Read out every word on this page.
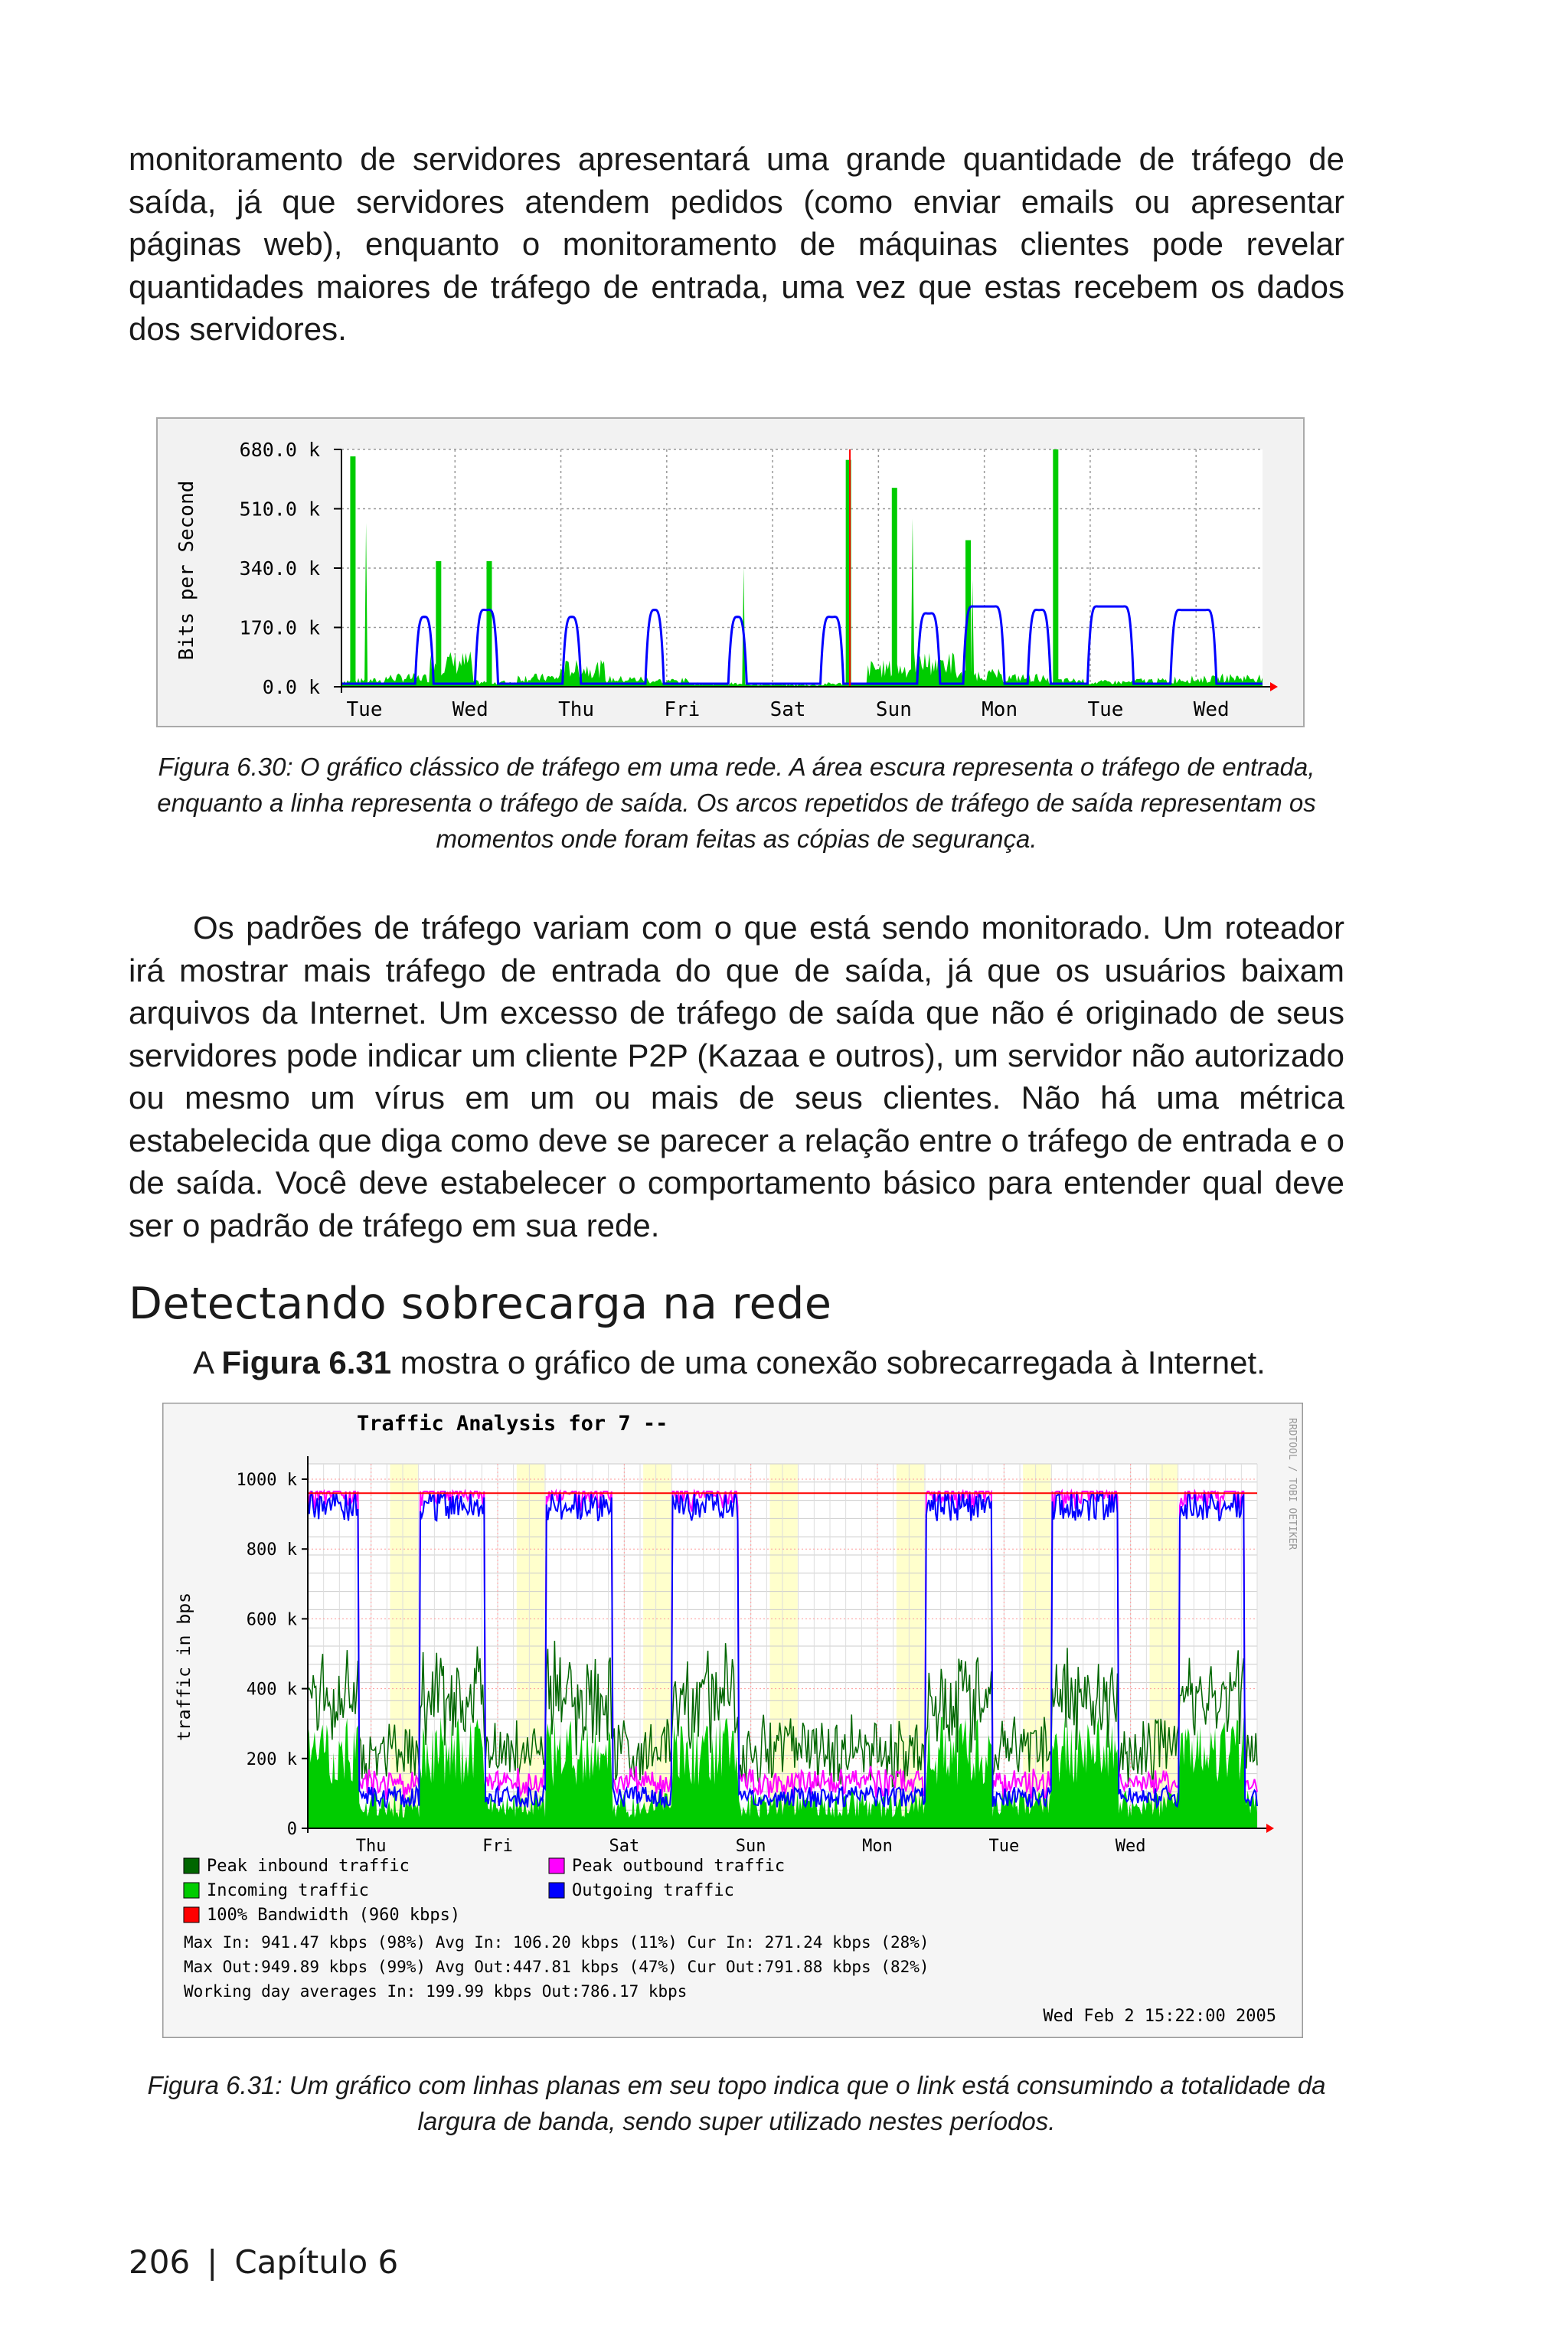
monitoramento de servidores apresentará uma grande quantidade de tráfego de saída, já que servidores atendem pedidos (como enviar emails ou apresentar páginas web), enquanto o monitoramento de máquinas clientes pode revelar quantidades maiores de tráfego de entrada, uma vez que estas recebem os dados dos servidores.

Bits per Second
680.0 k
510.0 k
340.0 k
170.0 k
0.0 k
Tue	Wed	Thu	Fri	Sat	Sun	Mon	Tue	Wed

Figura 6.30: O gráfico clássico de tráfego em uma rede. A área escura representa o tráfego de entrada, enquanto a linha representa o tráfego de saída. Os arcos repetidos de tráfego de saída representam os momentos onde foram feitas as cópias de segurança.

Os padrões de tráfego variam com o que está sendo monitorado. Um roteador irá mostrar mais tráfego de entrada do que de saída, já que os usuários baixam arquivos da Internet. Um excesso de tráfego de saída que não é originado de seus servidores pode indicar um cliente P2P (Kazaa e outros), um servidor não autorizado ou mesmo um vírus em um ou mais de seus clientes. Não há uma métrica estabelecida que diga como deve se parecer a relação entre o tráfego de entrada e o de saída. Você deve estabelecer o comportamento básico para entender qual deve ser o padrão de tráfego em sua rede.

Detectando sobrecarga na rede

A Figura 6.31 mostra o gráfico de uma conexão sobrecarregada à Internet.

Traffic Analysis for 7 --
traffic in bps
RRDTOOL / TOBI OETIKER
1000 k
800 k
600 k
400 k
200 k
0
Thu	Fri	Sat	Sun	Mon	Tue	Wed
Peak inbound traffic	Peak outbound traffic
Incoming traffic	Outgoing traffic
100% Bandwidth (960 kbps)
Max In: 941.47 kbps (98%) Avg In: 106.20 kbps (11%) Cur In: 271.24 kbps (28%)
Max Out:949.89 kbps (99%) Avg Out:447.81 kbps (47%) Cur Out:791.88 kbps (82%)
Working day averages In: 199.99 kbps Out:786.17 kbps
Wed Feb 2 15:22:00 2005

Figura 6.31: Um gráfico com linhas planas em seu topo indica que o link está consumindo a totalidade da largura de banda, sendo super utilizado nestes períodos.

206 | Capítulo 6
